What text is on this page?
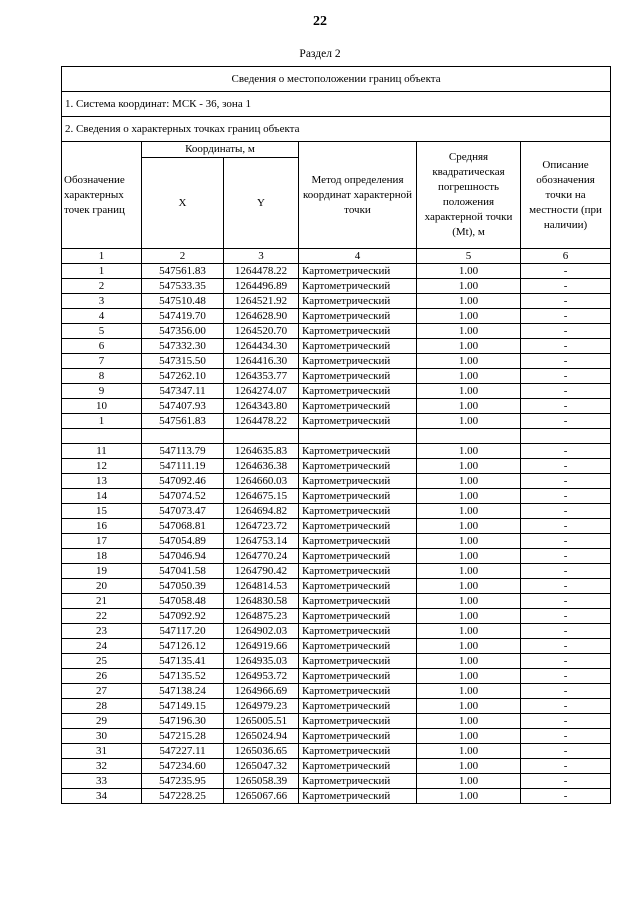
22
Раздел 2
Сведения о местоположении границ объекта					
1. Система координат: МСК - 36, зона 1					
2. Сведения о характерных точках границ объекта					
Обозначение характерных точек границ	Координаты, м		Метод определения координат характерной точки	Средняя квадратическая погрешность положения характерной точки (Мt), м	Описание обозначения точки на местности (при наличии)
	X	Y			
1	2	3	4	5	6
1	547561.83	1264478.22	Картометрический	1.00	-
2	547533.35	1264496.89	Картометрический	1.00	-
3	547510.48	1264521.92	Картометрический	1.00	-
4	547419.70	1264628.90	Картометрический	1.00	-
5	547356.00	1264520.70	Картометрический	1.00	-
6	547332.30	1264434.30	Картометрический	1.00	-
7	547315.50	1264416.30	Картометрический	1.00	-
8	547262.10	1264353.77	Картометрический	1.00	-
9	547347.11	1264274.07	Картометрический	1.00	-
10	547407.93	1264343.80	Картометрический	1.00	-
1	547561.83	1264478.22	Картометрический	1.00	-

11	547113.79	1264635.83	Картометрический	1.00	-
12	547111.19	1264636.38	Картометрический	1.00	-
13	547092.46	1264660.03	Картометрический	1.00	-
14	547074.52	1264675.15	Картометрический	1.00	-
15	547073.47	1264694.82	Картометрический	1.00	-
16	547068.81	1264723.72	Картометрический	1.00	-
17	547054.89	1264753.14	Картометрический	1.00	-
18	547046.94	1264770.24	Картометрический	1.00	-
19	547041.58	1264790.42	Картометрический	1.00	-
20	547050.39	1264814.53	Картометрический	1.00	-
21	547058.48	1264830.58	Картометрический	1.00	-
22	547092.92	1264875.23	Картометрический	1.00	-
23	547117.20	1264902.03	Картометрический	1.00	-
24	547126.12	1264919.66	Картометрический	1.00	-
25	547135.41	1264935.03	Картометрический	1.00	-
26	547135.52	1264953.72	Картометрический	1.00	-
27	547138.24	1264966.69	Картометрический	1.00	-
28	547149.15	1264979.23	Картометрический	1.00	-
29	547196.30	1265005.51	Картометрический	1.00	-
30	547215.28	1265024.94	Картометрический	1.00	-
31	547227.11	1265036.65	Картометрический	1.00	-
32	547234.60	1265047.32	Картометрический	1.00	-
33	547235.95	1265058.39	Картометрический	1.00	-
34	547228.25	1265067.66	Картометрический	1.00	-
